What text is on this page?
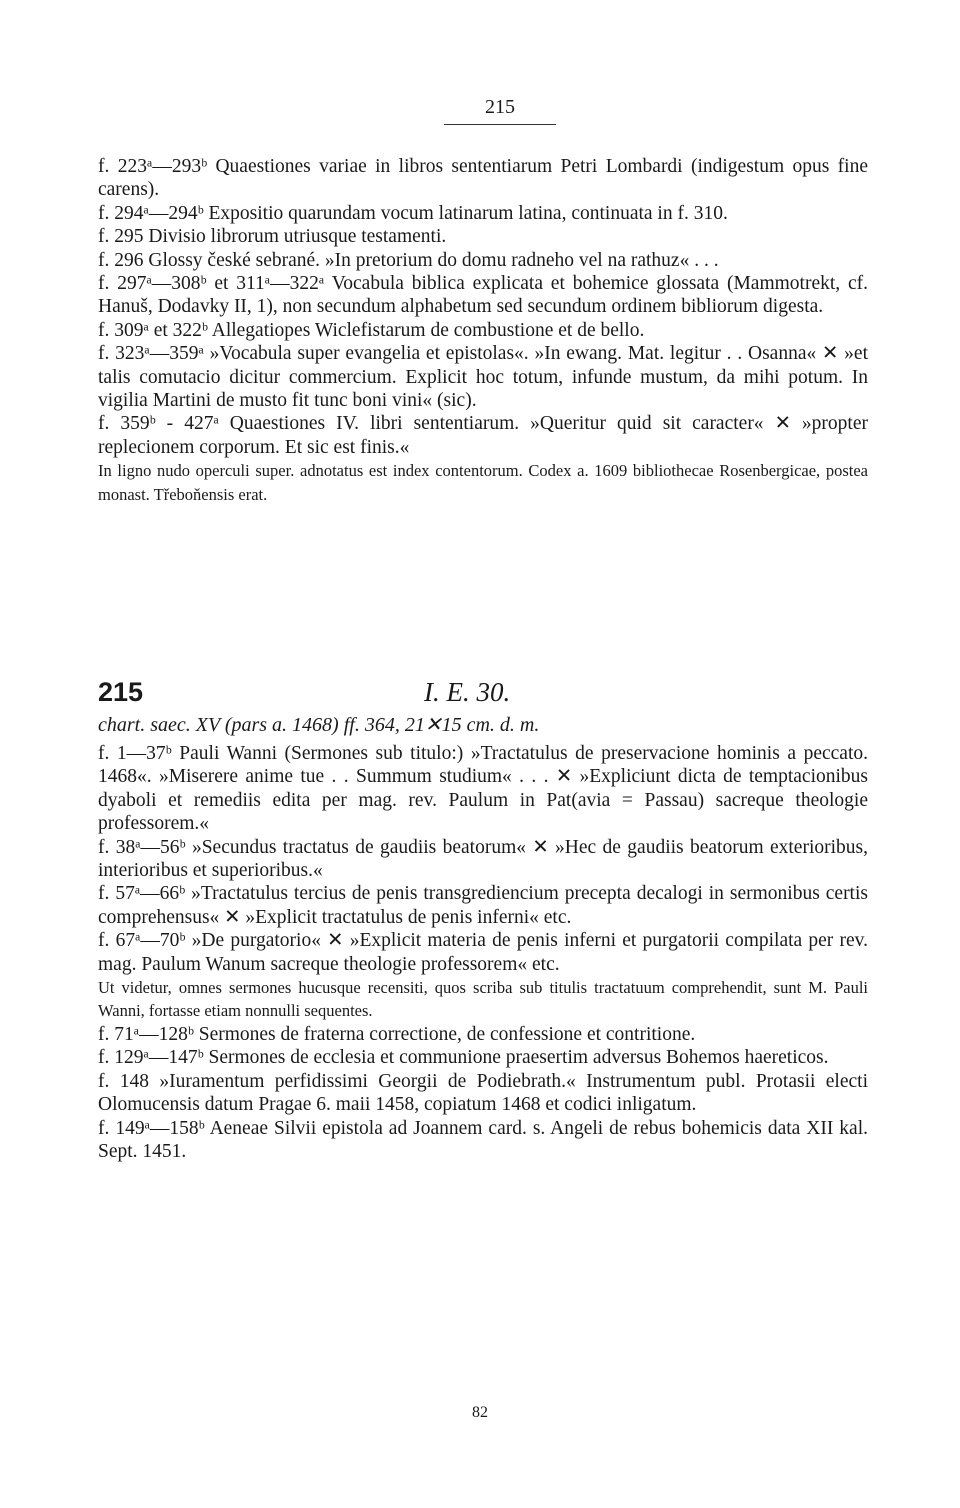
215
f. 223ᵃ—293ᵇ Quaestiones variae in libros sententiarum Petri Lombardi (indigestum opus fine carens).
f. 294ᵃ—294ᵇ Expositio quarundam vocum latinarum latina, continuata in f. 310.
f. 295 Divisio librorum utriusque testamenti.
f. 296 Glossy české sebrané. »In pretorium do domu radneho vel na rathuz« . . .
f. 297ᵃ—308ᵇ et 311ᵃ—322ᵃ Vocabula biblica explicata et bohemice glossata (Mammotrekt, cf. Hanuš, Dodavky II, 1), non secundum alphabetum sed secundum ordinem bibliorum digesta.
f. 309ᵃ et 322ᵇ Allegatiopes Wiclefistarum de combustione et de bello.
f. 323ᵃ—359ᵃ »Vocabula super evangelia et epistolas«. »In ewang. Mat. legitur . . Osanna« ✕ »et talis comutacio dicitur commercium. Explicit hoc totum, infunde mustum, da mihi potum. In vigilia Martini de musto fit tunc boni vini« (sic).
f. 359ᵇ - 427ᵃ Quaestiones IV. libri sententiarum. »Queritur quid sit caracter« ✕ »propter replecionem corporum. Et sic est finis.«
In ligno nudo operculi super. adnotatus est index contentorum. Codex a. 1609 bibliothecae Rosenbergicae, postea monast. Třeboňensis erat.
215	I. E. 30.
chart. saec. XV (pars a. 1468) ff. 364, 21✕15 cm. d. m.
f. 1—37ᵇ Pauli Wanni (Sermones sub titulo:) »Tractatulus de preservacione hominis a peccato. 1468«. »Miserere anime tue . . Summum studium« . . . ✕ »Expliciunt dicta de temptacionibus dyaboli et remediis edita per mag. rev. Paulum in Pat(avia = Passau) sacreque theologie professorem.«
f. 38ᵃ—56ᵇ »Secundus tractatus de gaudiis beatorum« ✕ »Hec de gaudiis beatorum exterioribus, interioribus et superioribus.«
f. 57ᵃ—66ᵇ »Tractatulus tercius de penis transgrediencium precepta decalogi in sermonibus certis comprehensus« ✕ »Explicit tractatulus de penis inferni« etc.
f. 67ᵃ—70ᵇ »De purgatorio« ✕ »Explicit materia de penis inferni et purgatorii compilata per rev. mag. Paulum Wanum sacreque theologie professorem« etc.
Ut videtur, omnes sermones hucusque recensiti, quos scriba sub titulis tractatuum comprehendit, sunt M. Pauli Wanni, fortasse etiam nonnulli sequentes.
f. 71ᵃ—128ᵇ Sermones de fraterna correctione, de confessione et contritione.
f. 129ᵃ—147ᵇ Sermones de ecclesia et communione praesertim adversus Bohemos haereticos.
f. 148 »Iuramentum perfidissimi Georgii de Podiebrath.« Instrumentum publ. Protasii electi Olomucensis datum Pragae 6. maii 1458, copiatum 1468 et codici inligatum.
f. 149ᵃ—158ᵇ Aeneae Silvii epistola ad Joannem card. s. Angeli de rebus bohemicis data XII kal. Sept. 1451.
82
